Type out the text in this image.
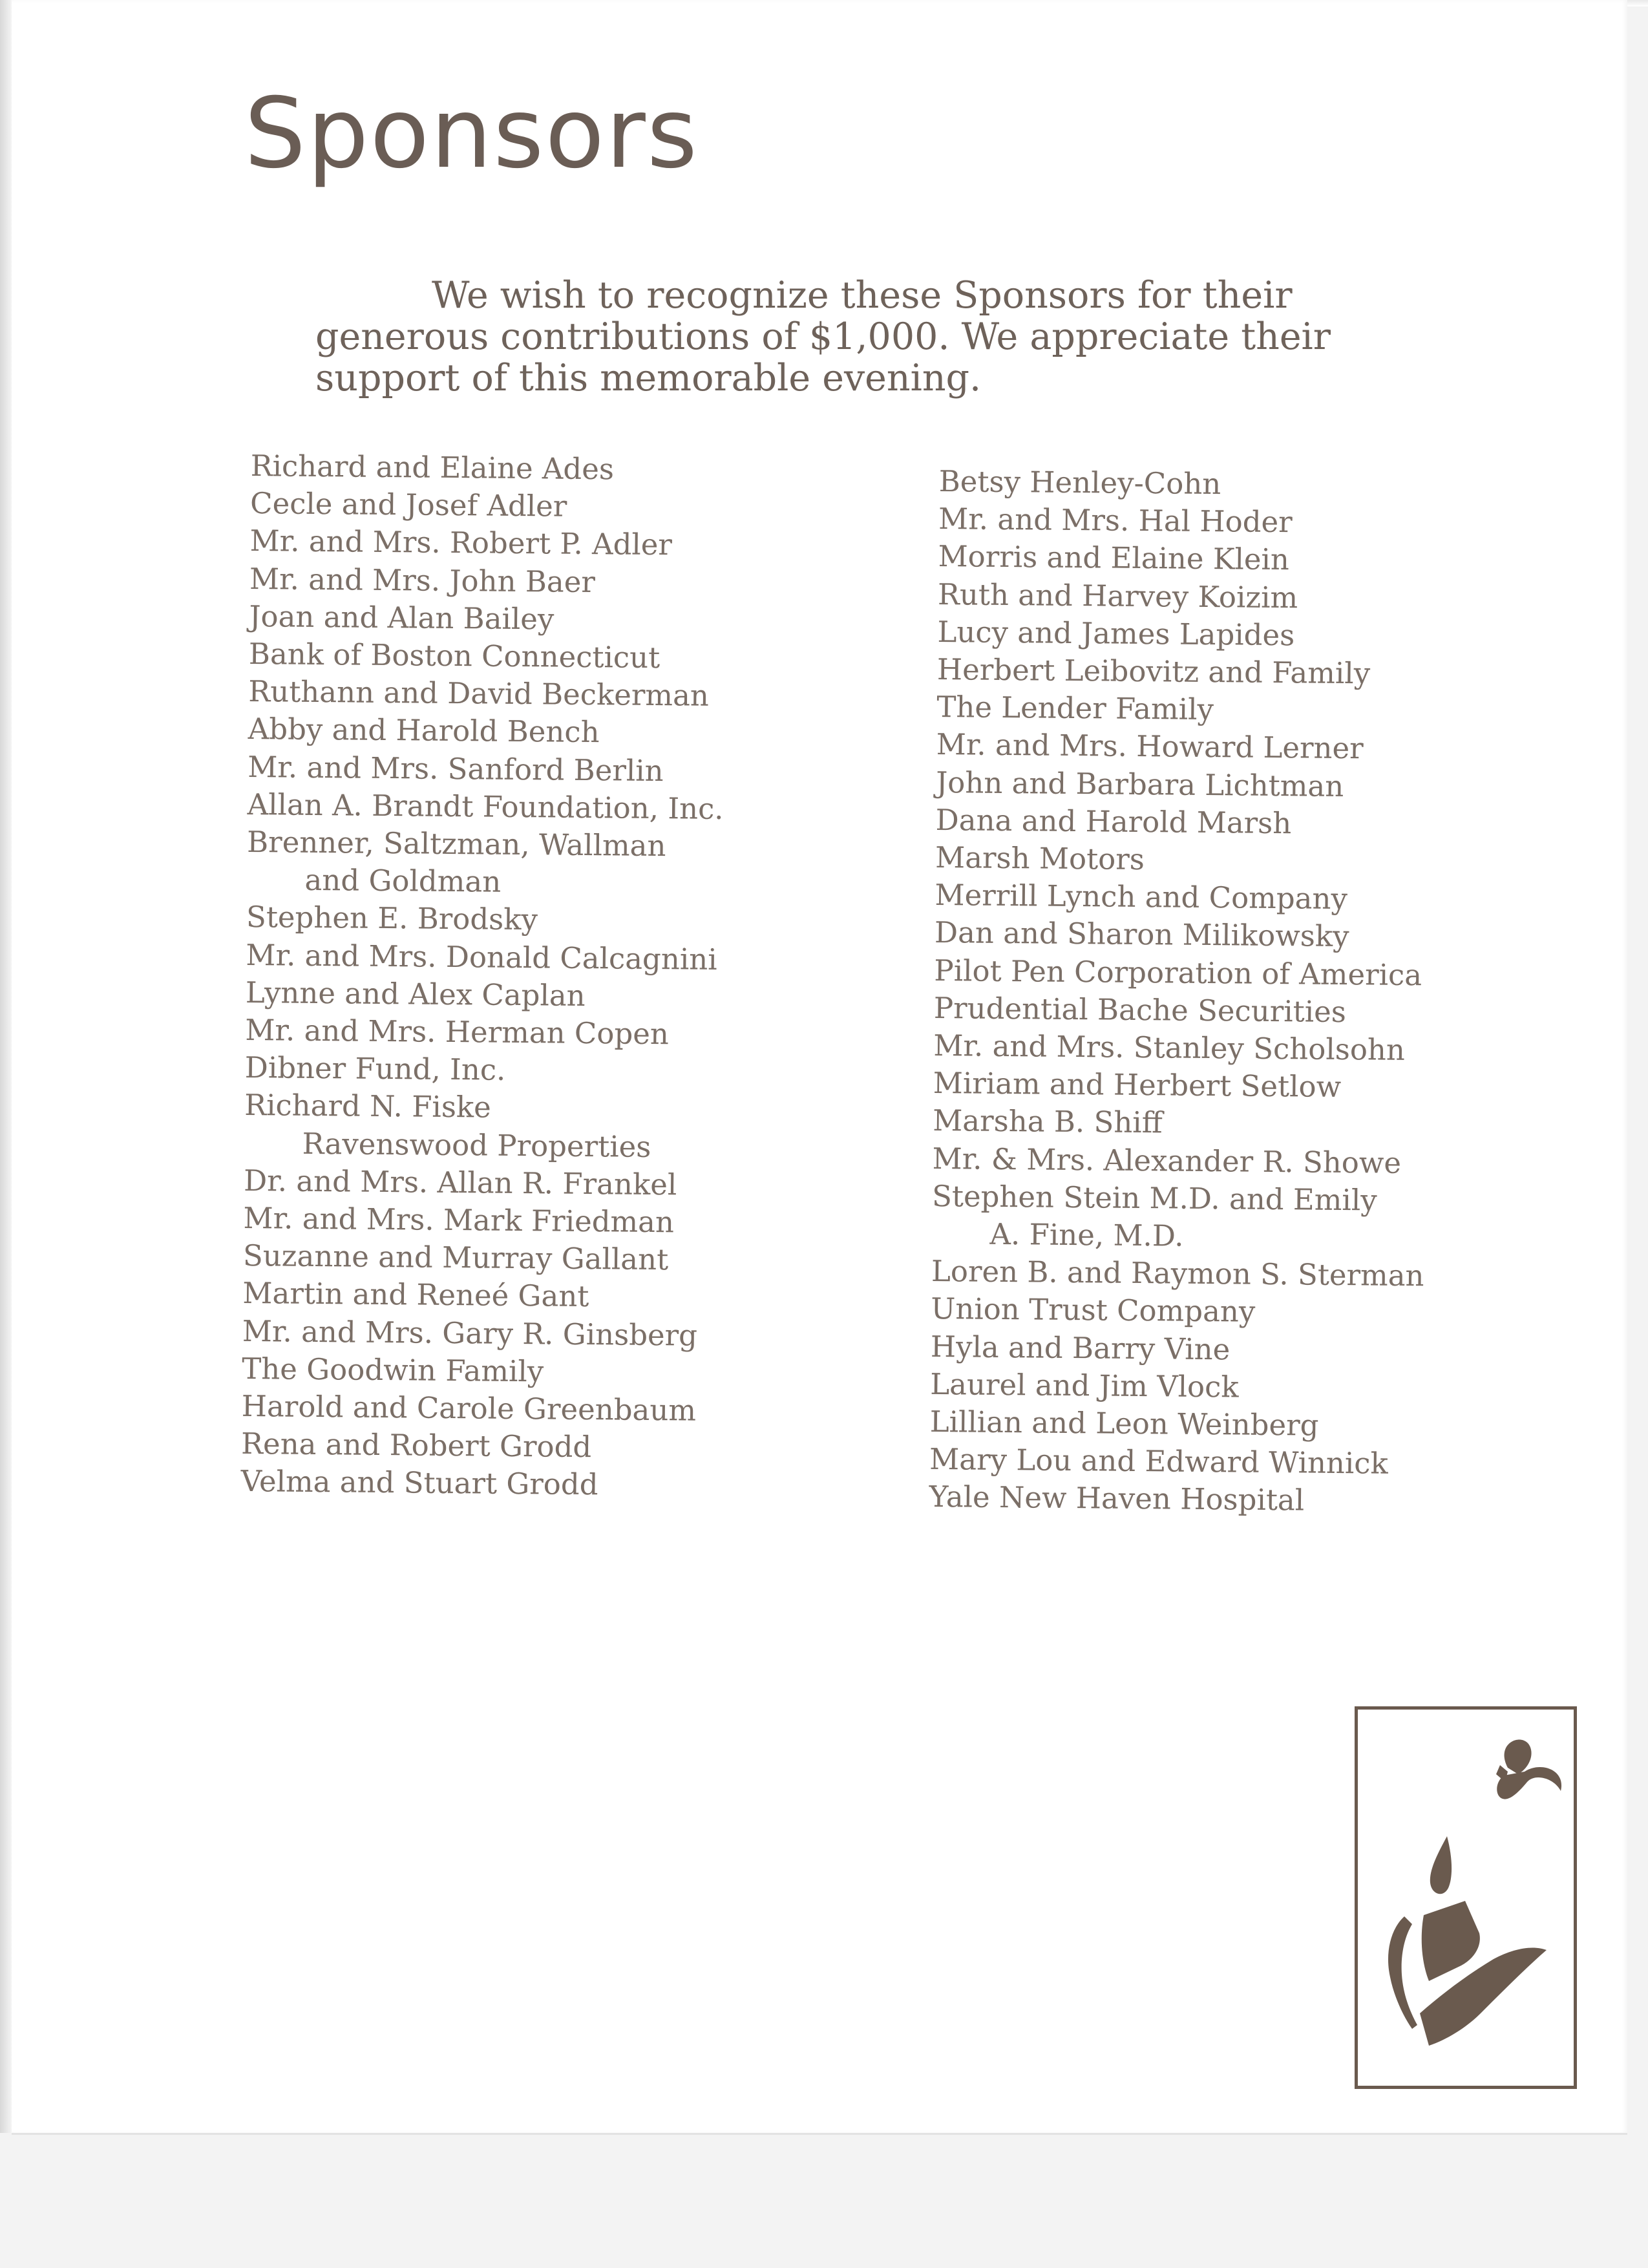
Sponsors

We wish to recognize these Sponsors for their generous contributions of $1,000. We appreciate their support of this memorable evening.

Richard and Elaine Ades
Cecle and Josef Adler
Mr. and Mrs. Robert P. Adler
Mr. and Mrs. John Baer
Joan and Alan Bailey
Bank of Boston Connecticut
Ruthann and David Beckerman
Abby and Harold Bench
Mr. and Mrs. Sanford Berlin
Allan A. Brandt Foundation, Inc.
Brenner, Saltzman, Wallman
and Goldman
Stephen E. Brodsky
Mr. and Mrs. Donald Calcagnini
Lynne and Alex Caplan
Mr. and Mrs. Herman Copen
Dibner Fund, Inc.
Richard N. Fiske
Ravenswood Properties
Dr. and Mrs. Allan R. Frankel
Mr. and Mrs. Mark Friedman
Suzanne and Murray Gallant
Martin and Reneé Gant
Mr. and Mrs. Gary R. Ginsberg
The Goodwin Family
Harold and Carole Greenbaum
Rena and Robert Grodd
Velma and Stuart Grodd
Betsy Henley-Cohn
Mr. and Mrs. Hal Hoder
Morris and Elaine Klein
Ruth and Harvey Koizim
Lucy and James Lapides
Herbert Leibovitz and Family
The Lender Family
Mr. and Mrs. Howard Lerner
John and Barbara Lichtman
Dana and Harold Marsh
Marsh Motors
Merrill Lynch and Company
Dan and Sharon Milikowsky
Pilot Pen Corporation of America
Prudential Bache Securities
Mr. and Mrs. Stanley Scholsohn
Miriam and Herbert Setlow
Marsha B. Shiff
Mr. & Mrs. Alexander R. Showe
Stephen Stein M.D. and Emily
A. Fine, M.D.
Loren B. and Raymon S. Sterman
Union Trust Company
Hyla and Barry Vine
Laurel and Jim Vlock
Lillian and Leon Weinberg
Mary Lou and Edward Winnick
Yale New Haven Hospital
